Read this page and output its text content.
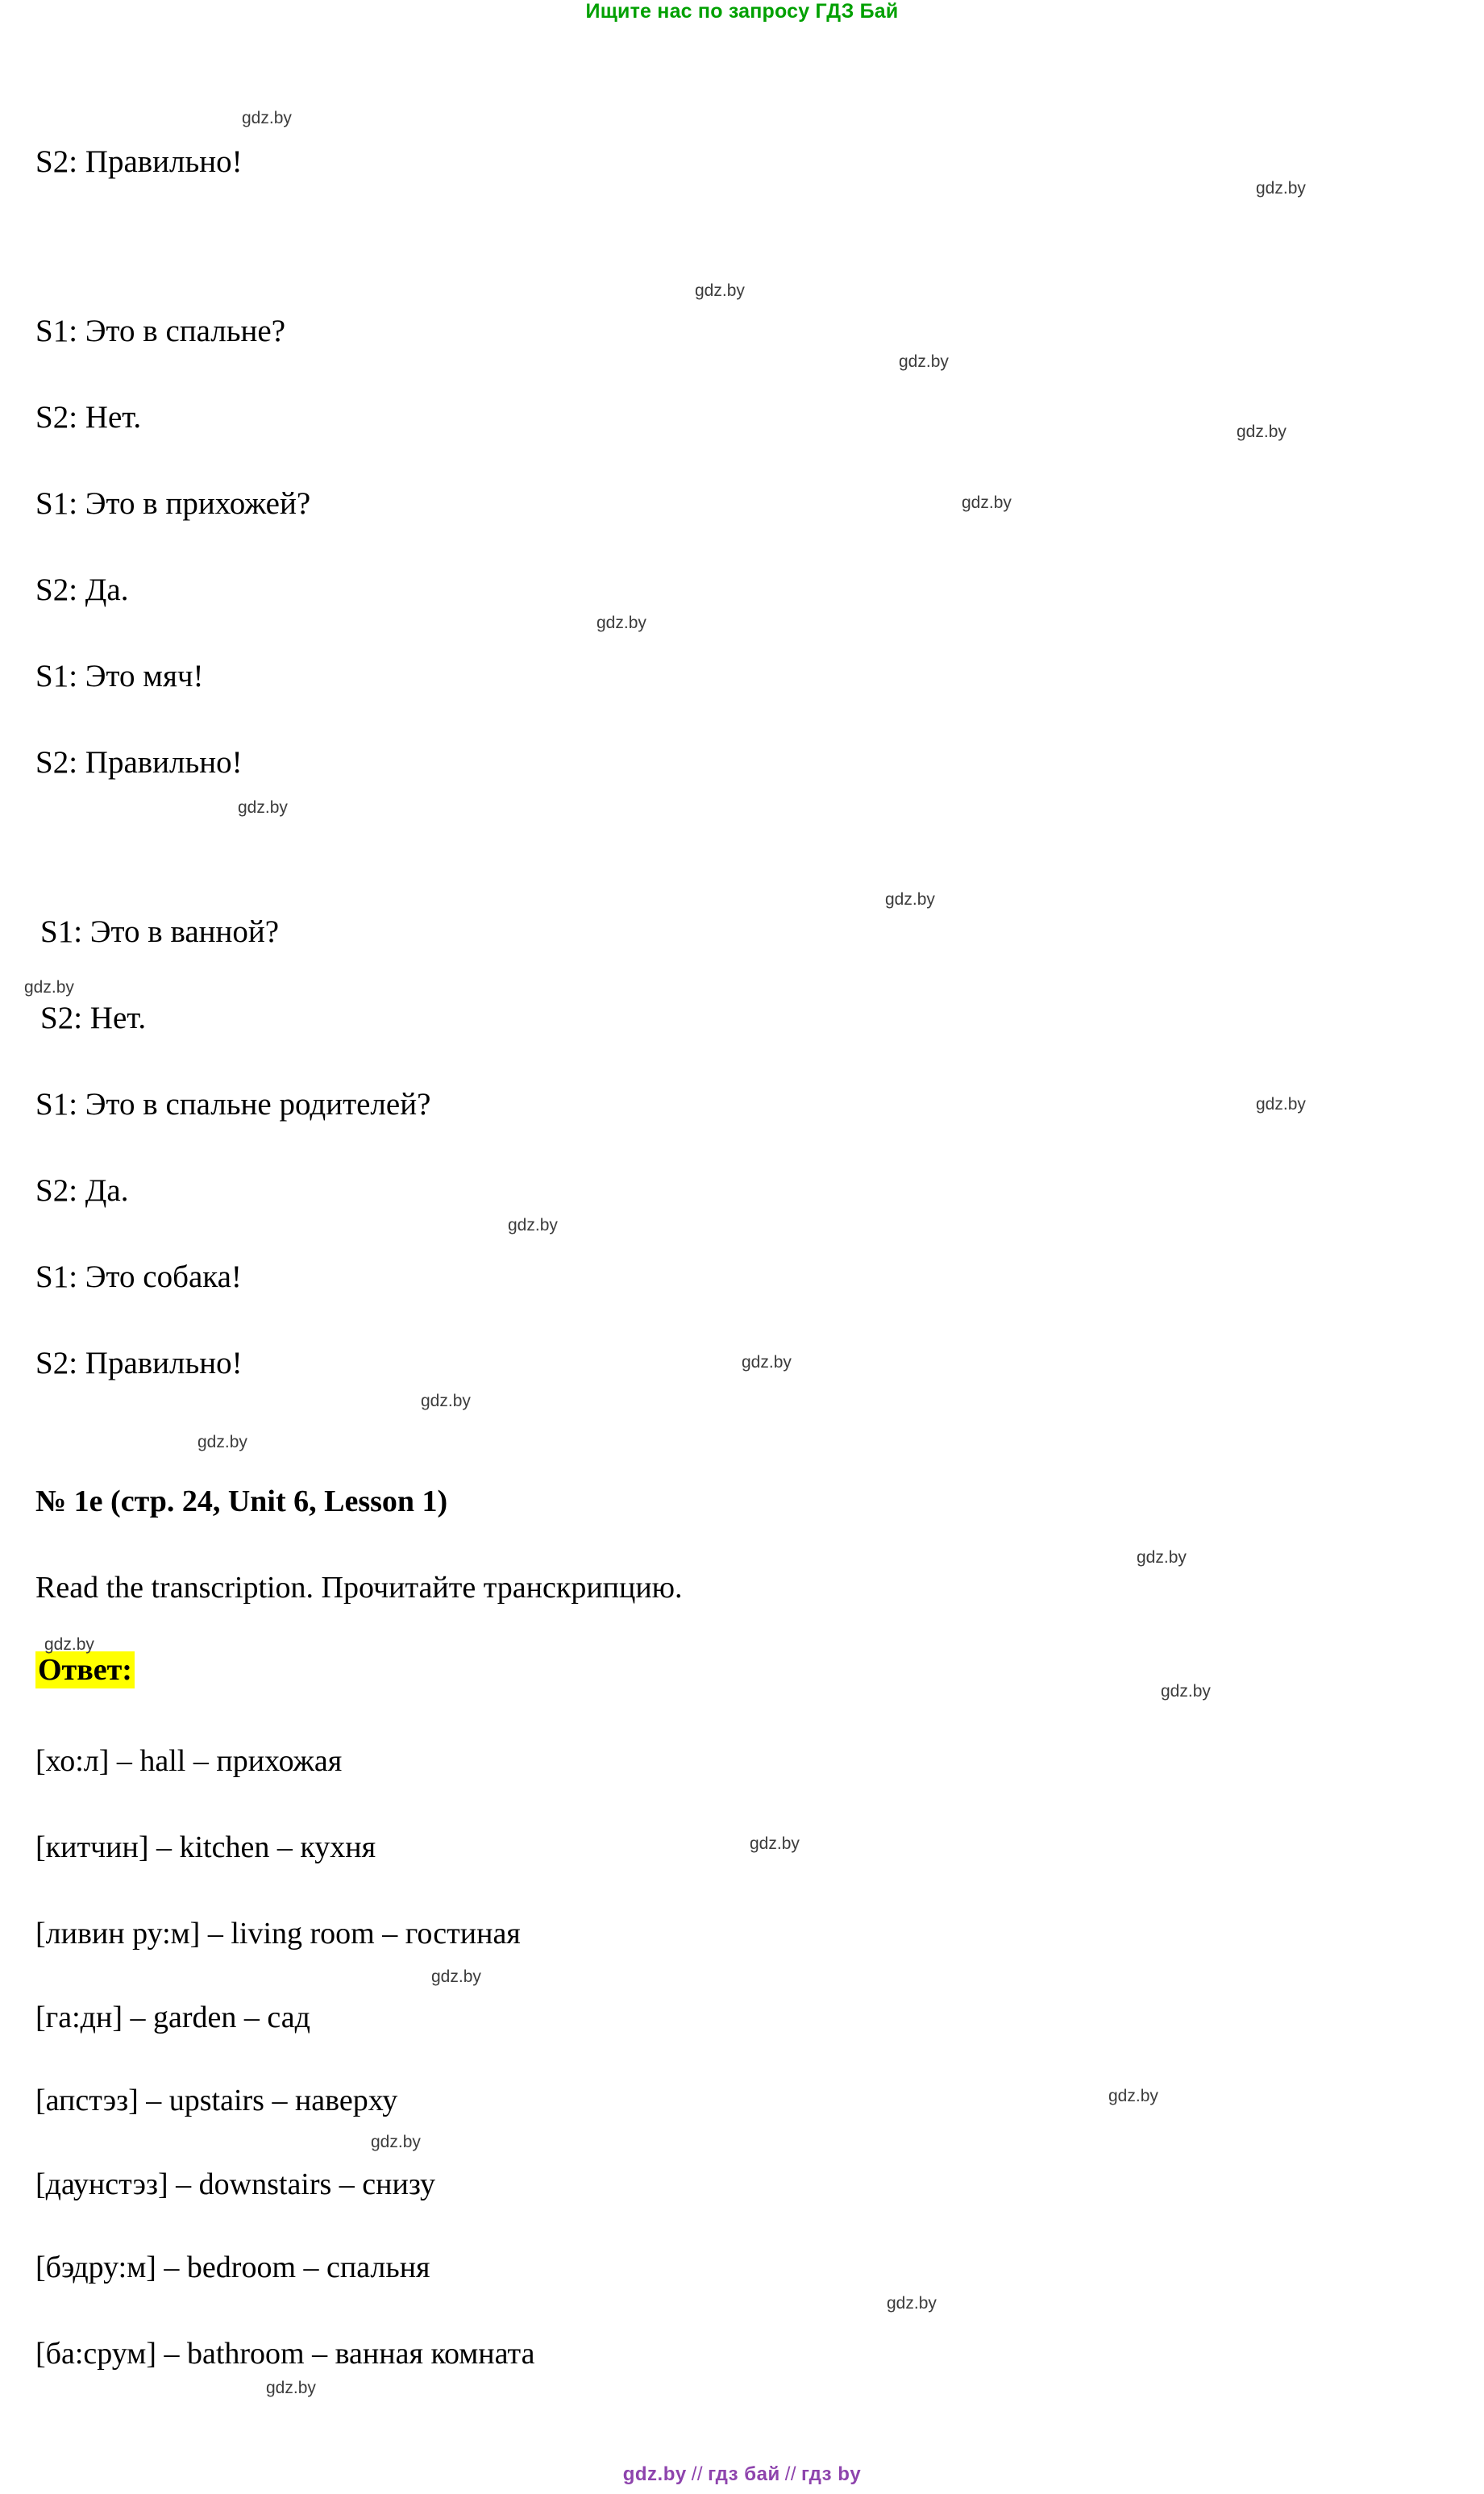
Ищите нас по запросу ГДЗ Бай
S2: Правильно!
S1: Это в спальне?
S2: Нет.
S1: Это в прихожей?
S2: Да.
S1: Это мяч!
S2: Правильно!
S1: Это в ванной?
S2: Нет.
S1: Это в спальне родителей?
S2: Да.
S1: Это собака!
S2: Правильно!
№ 1e (стр. 24, Unit 6, Lesson 1)
Read the transcription. Прочитайте транскрипцию.
Ответ:
[хо:л] – hall – прихожая
[китчин] – kitchen – кухня
[ливин ру:м] – living room – гостиная
[га:дн] – garden – сад
[апстэз] – upstairs – наверху
[даунстэз] – downstairs – снизу
[бэдру:м] – bedroom – спальня
[ба:срум] – bathroom – ванная комната
gdz.by
gdz.by
gdz.by
gdz.by
gdz.by
gdz.by
gdz.by
gdz.by
gdz.by
gdz.by
gdz.by
gdz.by
gdz.by
gdz.by
gdz.by
gdz.by
gdz.by
gdz.by
gdz.by
gdz.by
gdz.by
gdz.by
gdz.by
gdz.by
gdz.by // гдз бай // гдз by
